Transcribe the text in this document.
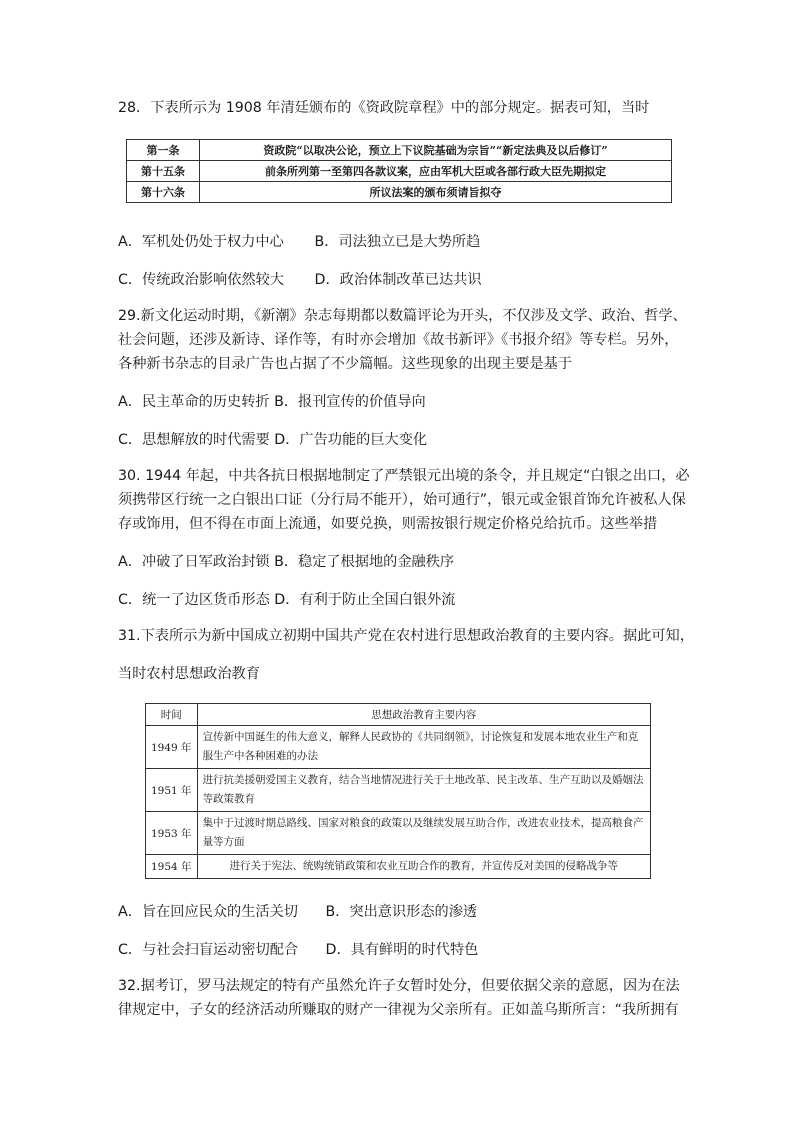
28．下表所示为 1908 年清廷颁布的《资政院章程》中的部分规定。据表可知，当时
第一条	资政院“以取决公论，预立上下议院基础为宗旨”“新定法典及以后修订”
第十五条	前条所列第一至第四各款议案，应由军机大臣或各部行政大臣先期拟定
第十六条	所议法案的颁布须请旨拟夺
A．军机处仍处于权力中心 B．司法独立已是大势所趋
C．传统政治影响依然较大 D．政治体制改革已达共识
29.新文化运动时期，《新潮》杂志每期都以数篇评论为开头，不仅涉及文学、政治、哲学、
社会问题，还涉及新诗、译作等，有时亦会增加《故书新评》《书报介绍》等专栏。另外，
各种新书杂志的目录广告也占据了不少篇幅。这些现象的出现主要是基于
A．民主革命的历史转折 B．报刊宣传的价值导向
C．思想解放的时代需要 D．广告功能的巨大变化
30. 1944 年起，中共各抗日根据地制定了严禁银元出境的条令，并且规定“白银之出口，必
须携带区行统一之白银出口证（分行局不能开），始可通行”，银元或金银首饰允许被私人保
存或饰用，但不得在市面上流通，如要兑换，则需按银行规定价格兑给抗币。这些举措
A．冲破了日军政治封锁 B．稳定了根据地的金融秩序
C．统一了边区货币形态 D．有利于防止全国白银外流
31.下表所示为新中国成立初期中国共产党在农村进行思想政治教育的主要内容。据此可知，
当时农村思想政治教育
时间	思想政治教育主要内容
1949 年	宣传新中国诞生的伟大意义，解释人民政协的《共同纲领》，讨论恢复和发展本地农业生产和克服生产中各种困难的办法
1951 年	进行抗美援朝爱国主义教育，结合当地情况进行关于土地改革、民主改革、生产互助以及婚姻法等政策教育
1953 年	集中于过渡时期总路线、国家对粮食的政策以及继续发展互助合作，改进农业技术，提高粮食产量等方面
1954 年	进行关于宪法、统购统销政策和农业互助合作的教育，并宣传反对美国的侵略战争等
A．旨在回应民众的生活关切 B．突出意识形态的渗透
C．与社会扫盲运动密切配合 D．具有鲜明的时代特色
32.据考订，罗马法规定的特有产虽然允许子女暂时处分，但要依据父亲的意愿，因为在法
律规定中，子女的经济活动所赚取的财产一律视为父亲所有。正如盖乌斯所言：“我所拥有
